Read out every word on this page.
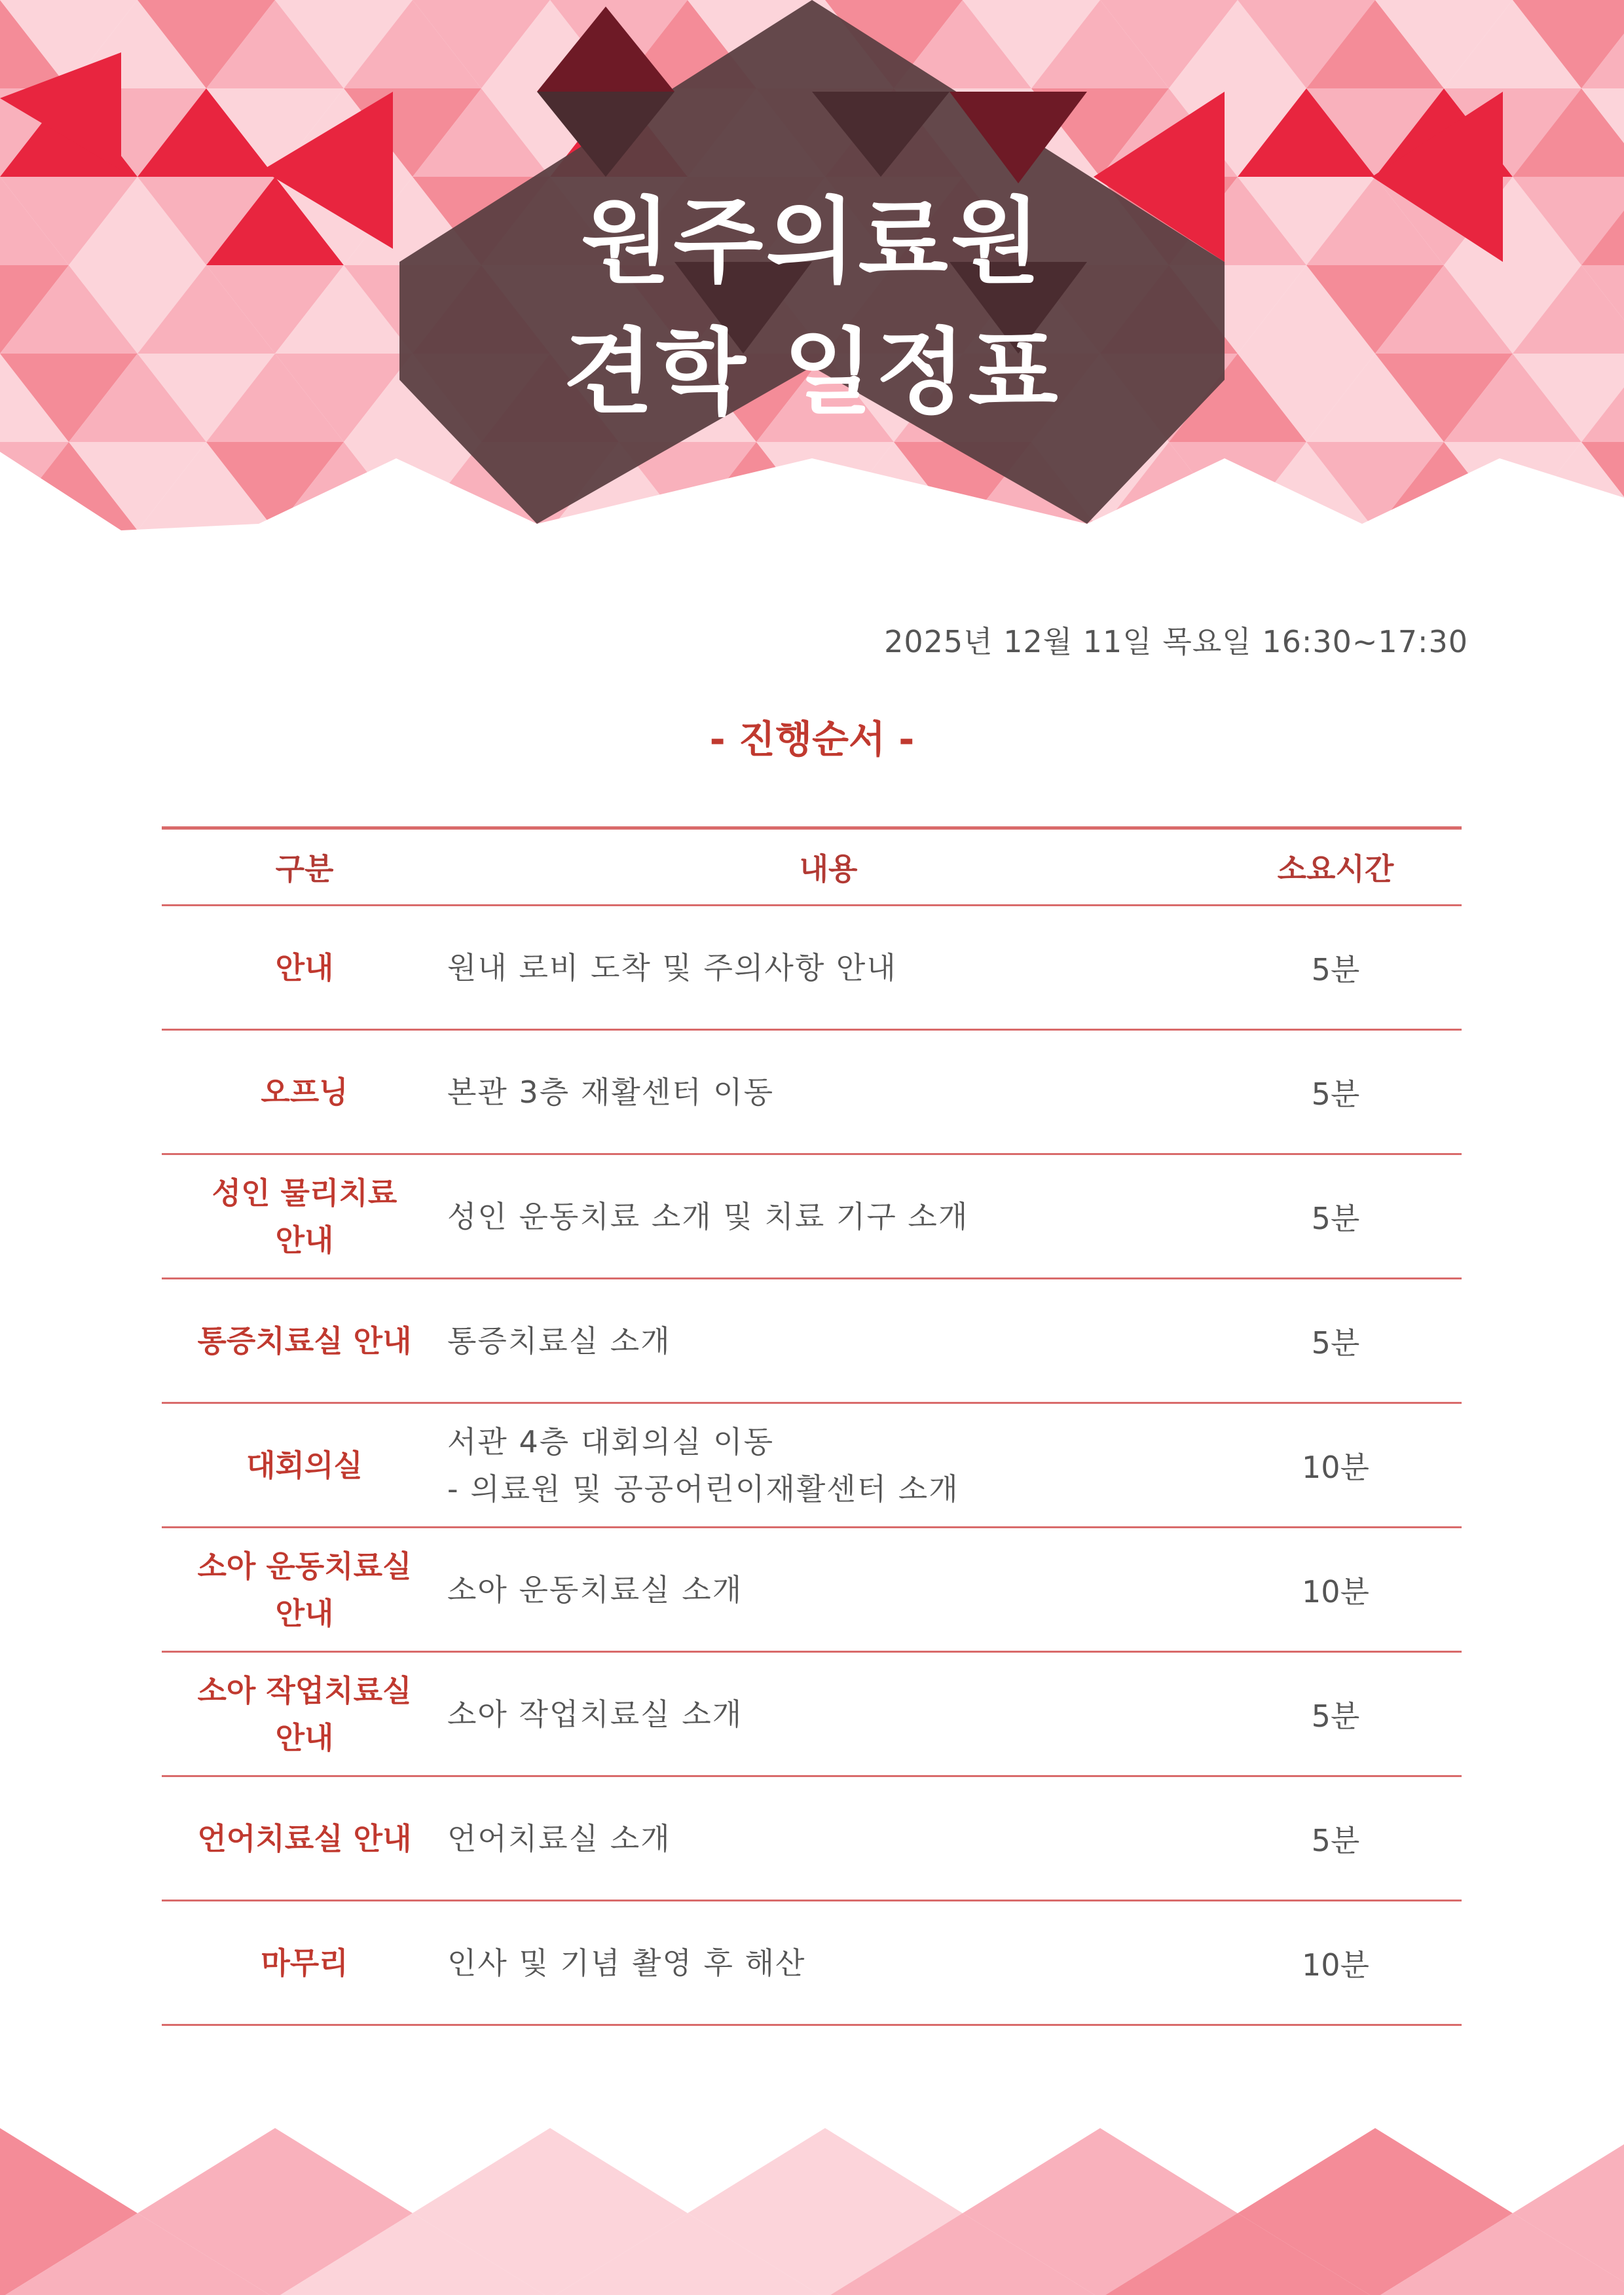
원주의료원
견학 일정표
2025년 12월 11일 목요일 16:30~17:30
- 진행순서 -
구분	내용	소요시간

안내	원내 로비 도착 및 주의사항 안내	5분

오프닝	본관 3층 재활센터 이동	5분

성인 물리치료
안내	성인 운동치료 소개 및 치료 기구 소개	5분

통증치료실 안내	통증치료실 소개	5분

대회의실	서관 4층 대회의실 이동
- 의료원 및 공공어린이재활센터 소개	10분

소아 운동치료실
안내	소아 운동치료실 소개	10분

소아 작업치료실
안내	소아 작업치료실 소개	5분

언어치료실 안내	언어치료실 소개	5분

마무리	인사 및 기념 촬영 후 해산	10분
